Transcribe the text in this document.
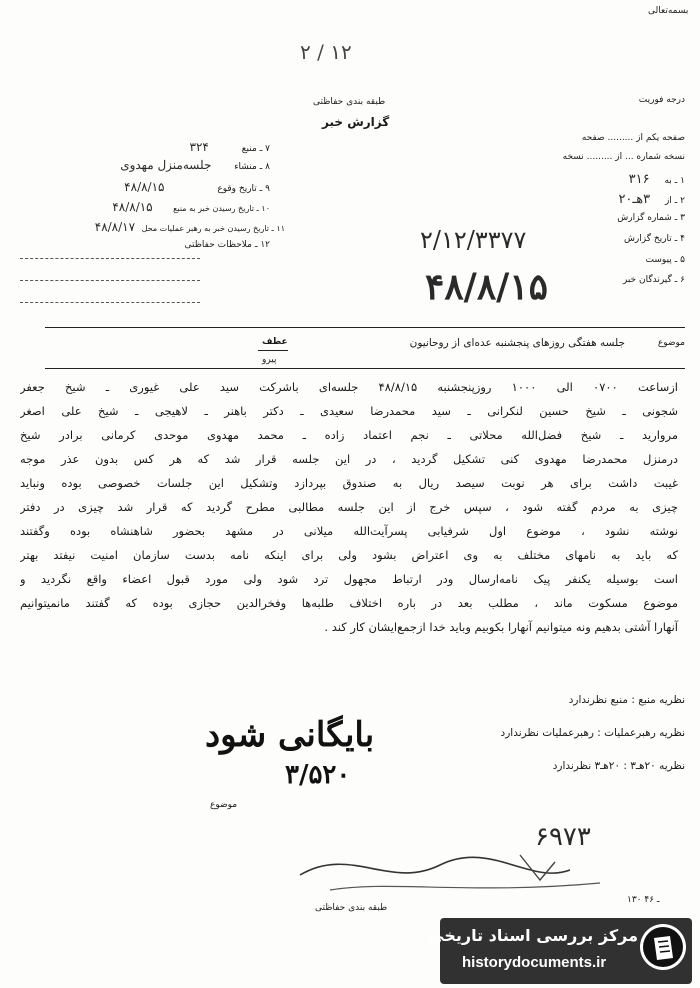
بسمه‌تعالی
۲ / ۱۲
درجه فوریت
طبقه بندی حفاظتی
گزارش خبر
صفحه یکم از ......... صفحه
نسخه شماره ... از ......... نسخه
۱ ـ به ۳۱۶
۲ ـ از ۳هـ۲۰
۳ ـ شماره گزارش
۴ ـ تاریخ گزارش
۲/۱۲/۳۳۷۷
۵ ـ پیوست
۶ ـ گیرندگان خبر
۴۸/۸/۱۵
۷ ـ منبع ۳۲۴
۸ ـ منشاء جلسه‌منزل مهدوی
۹ ـ تاریخ وقوع ۴۸/۸/۱۵
۱۰ ـ تاریخ رسیدن خبر به منبع ۴۸/۸/۱۵
۱۱ ـ تاریخ رسیدن خبر به رهبر عملیات محل ۴۸/۸/۱۷
۱۲ ـ ملاحظات حفاظتی
موضوع
جلسه هفتگی روزهای پنجشنبه عده‌ای از روحانیون
عطف
پیرو
ازساعت ۰۷۰۰ الی ۱۰۰۰ روزپنجشنبه ۴۸/۸/۱۵ جلسه‌ای باشرکت سید علی غیوری ـ شیخ جعفر
شجونی ـ شیخ حسین لنکرانی ـ سید محمدرضا سعیدی ـ دکتر باهنر ـ لاهیجی ـ شیخ علی اصغر
مروارید ـ شیخ فضل‌الله محلاتی ـ نجم اعتماد زاده ـ محمد مهدوی موحدی کرمانی برادر شیخ
درمنزل محمدرضا مهدوی کنی تشکیل گردید ، در این جلسه قرار شد که هر کس بدون عذر موجه
غیبت داشت برای هر نوبت سیصد ریال به صندوق بپردازد وتشکیل این جلسات خصوصی بوده ونباید
چیزی به مردم گفته شود ، سپس خرج از این جلسه مطالبی مطرح گردید که قرار شد چیزی در دفتر
نوشته نشود ، موضوع اول شرفیابی پسرآیت‌الله میلانی در مشهد بحضور شاهنشاه بوده وگفتند
که باید به نامهای مختلف به وی اعتراض بشود ولی برای اینکه نامه بدست سازمان امنیت نیفتد بهتر
است بوسیله یکنفر پیک نامه‌ارسال ودر ارتباط مجهول ترد شود ولی مورد قبول اعضاء واقع نگردید و
موضوع مسکوت ماند ، مطلب بعد در باره اختلاف طلبه‌ها وفخرالدین حجازی بوده که گفتند مانمیتوانیم
آنهارا آشتی بدهیم ونه میتوانیم آنهارا بکوبیم وباید خدا ازجمع‌ایشان کار کند .
نظریه منبع : منبع نظرندارد
نظریه رهبرعملیات : رهبرعملیات نظرندارد
نظریه ۲۰هـ۳ : ۲۰هـ۳ نظرندارد
بایگانی شود
۳/۵۲۰
موضوع
۶۹۷۳
۱۳۰ ـ ۴۶
طبقه بندی حفاظتی
مرکز بررسی اسناد تاریخی
historydocuments.ir
